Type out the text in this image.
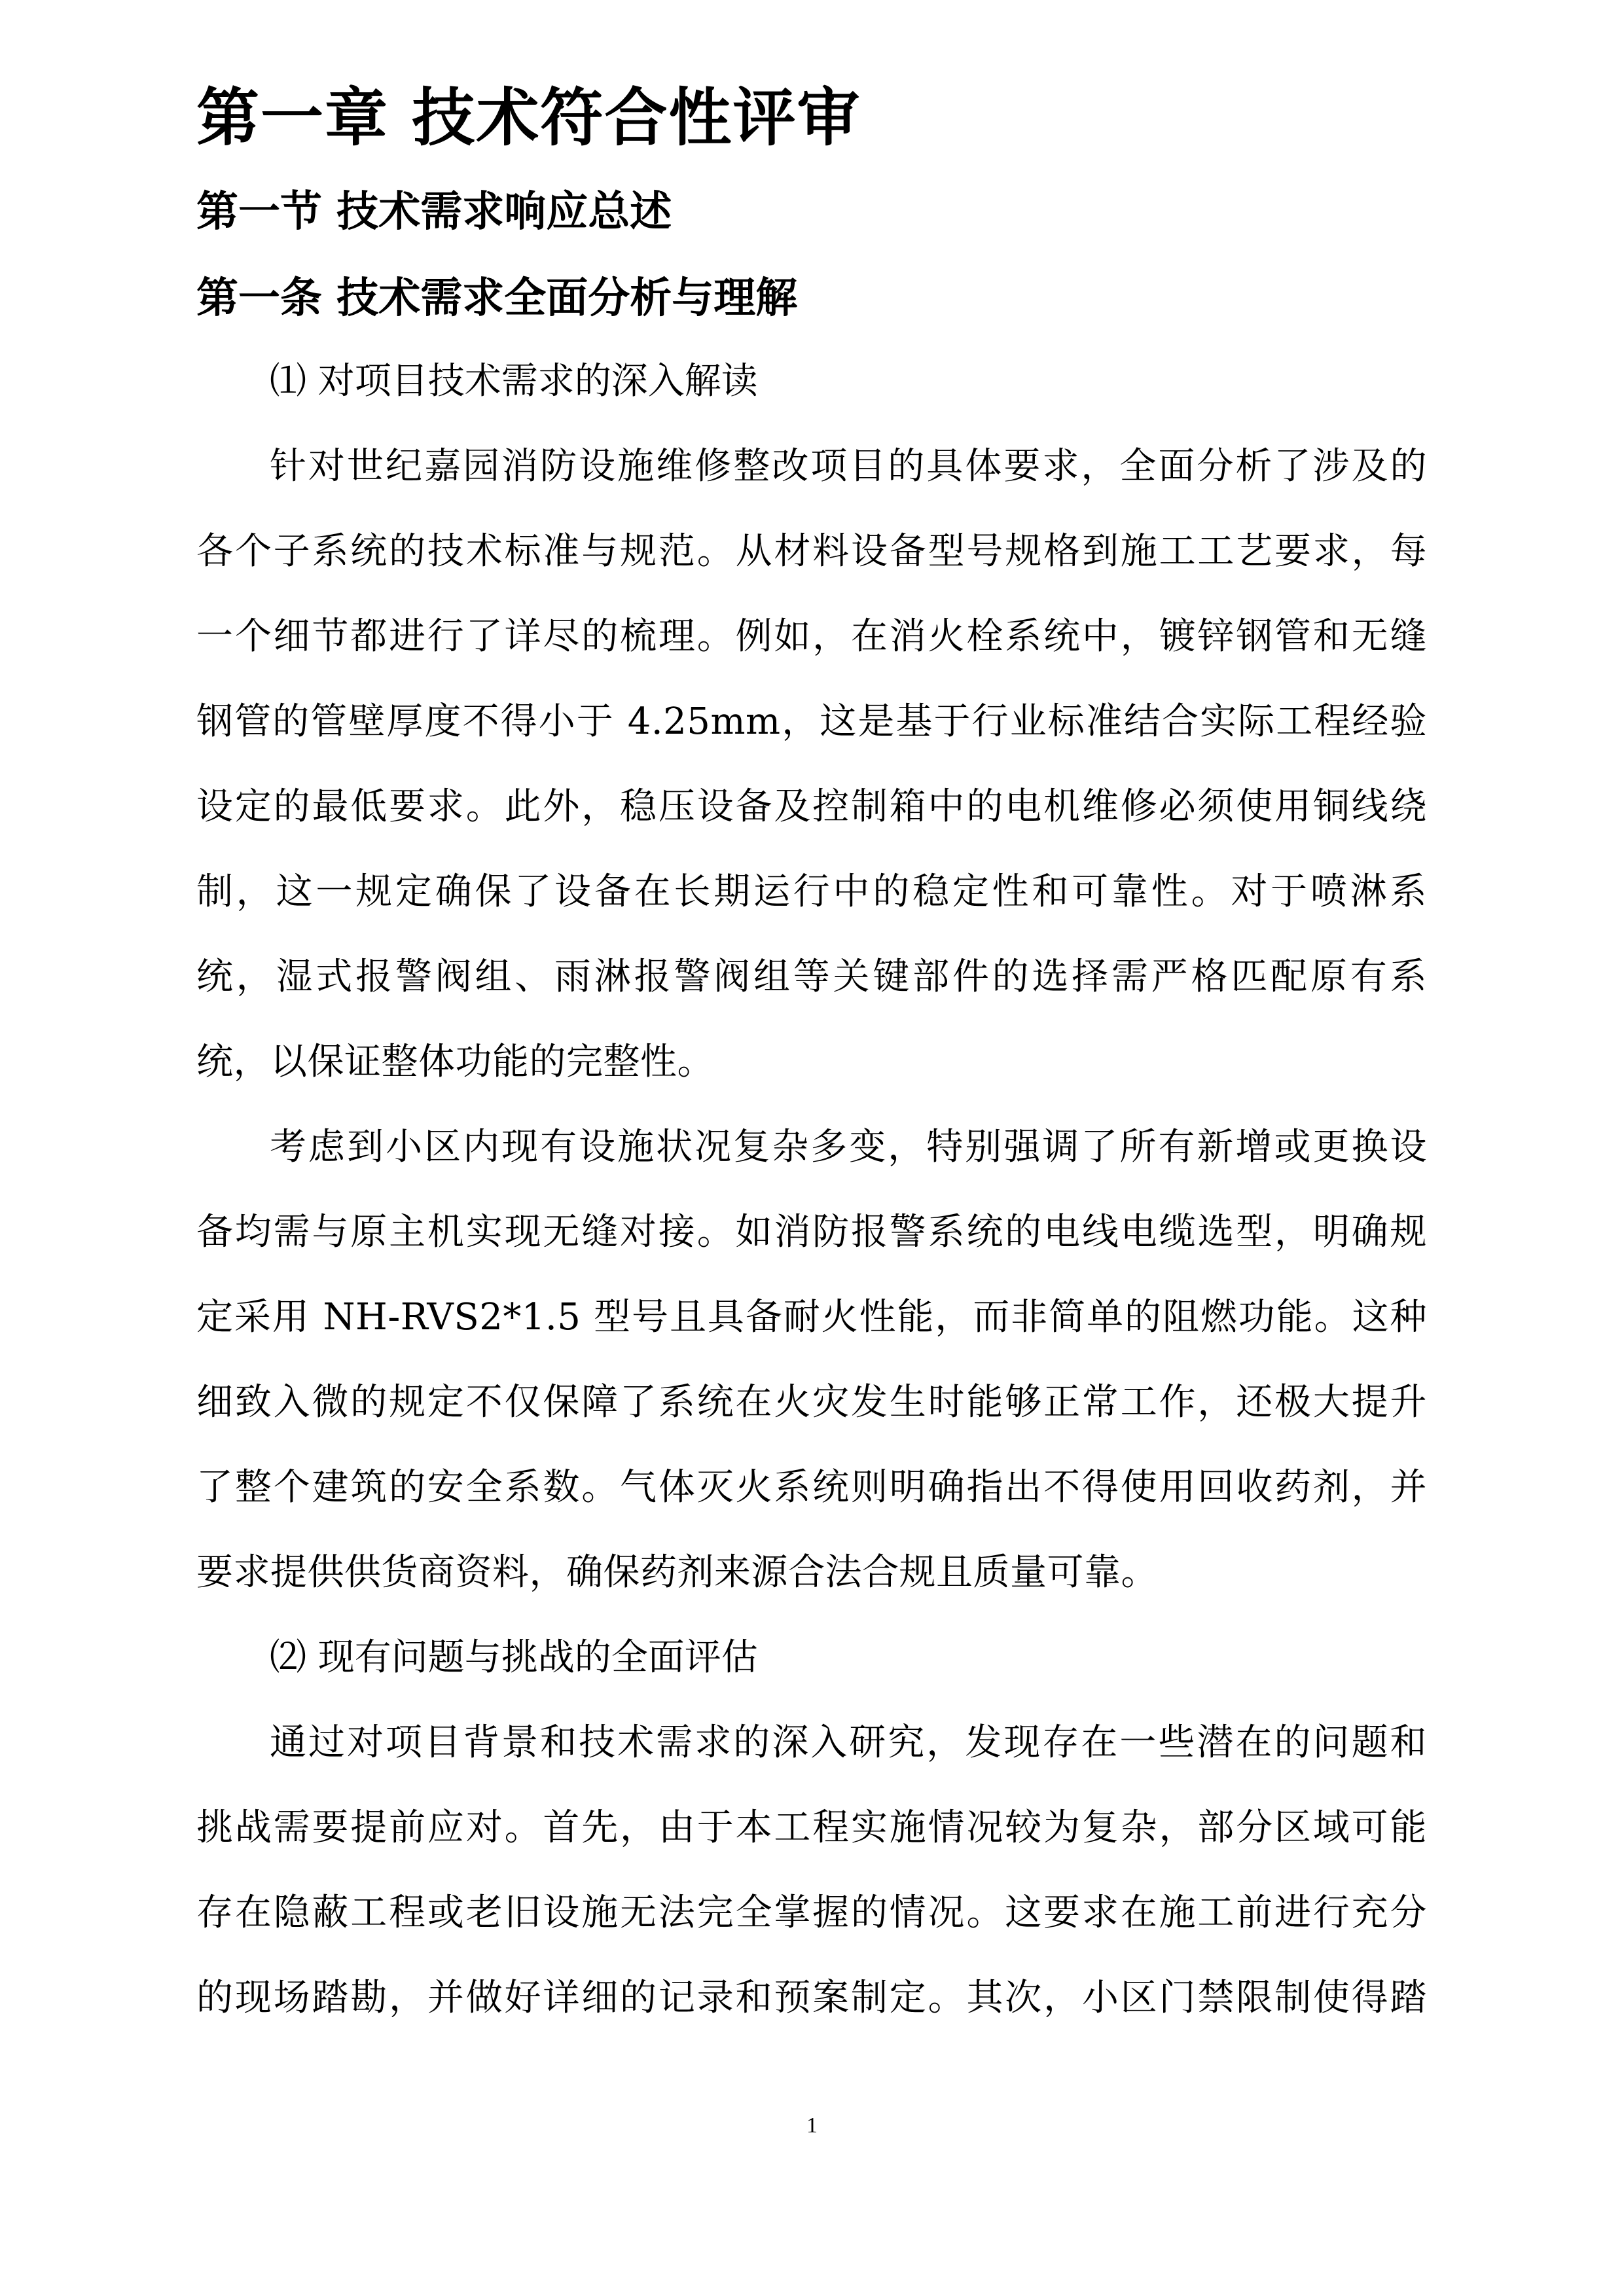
第一章 技术符合性评审
第一节 技术需求响应总述
第一条 技术需求全面分析与理解
⑴ 对项目技术需求的深入解读

针对世纪嘉园消防设施维修整改项目的具体要求，全面分析了涉及的
各个子系统的技术标准与规范。从材料设备型号规格到施工工艺要求，每
一个细节都进行了详尽的梳理。例如，在消火栓系统中，镀锌钢管和无缝
钢管的管壁厚度不得小于 4.25mm，这是基于行业标准结合实际工程经验
设定的最低要求。此外，稳压设备及控制箱中的电机维修必须使用铜线绕
制，这一规定确保了设备在长期运行中的稳定性和可靠性。对于喷淋系
统，湿式报警阀组、雨淋报警阀组等关键部件的选择需严格匹配原有系
统，以保证整体功能的完整性。

考虑到小区内现有设施状况复杂多变，特别强调了所有新增或更换设
备均需与原主机实现无缝对接。如消防报警系统的电线电缆选型，明确规
定采用 NH-RVS2*1.5 型号且具备耐火性能，而非简单的阻燃功能。这种
细致入微的规定不仅保障了系统在火灾发生时能够正常工作，还极大提升
了整个建筑的安全系数。气体灭火系统则明确指出不得使用回收药剂，并
要求提供供货商资料，确保药剂来源合法合规且质量可靠。

⑵ 现有问题与挑战的全面评估

通过对项目背景和技术需求的深入研究，发现存在一些潜在的问题和
挑战需要提前应对。首先，由于本工程实施情况较为复杂，部分区域可能
存在隐蔽工程或老旧设施无法完全掌握的情况。这要求在施工前进行充分
的现场踏勘，并做好详细的记录和预案制定。其次，小区门禁限制使得踏

1
